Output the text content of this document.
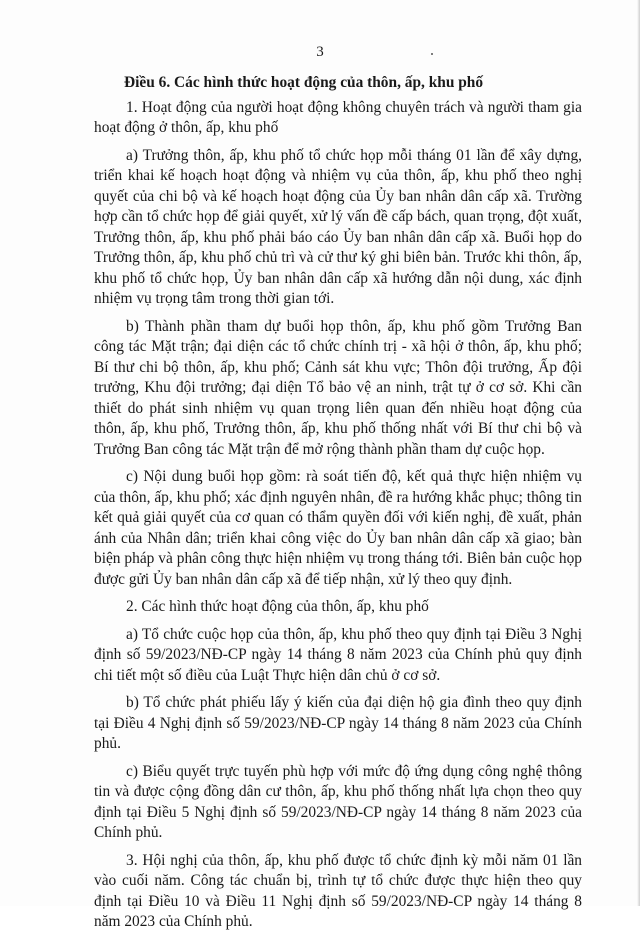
3

Điều 6. Các hình thức hoạt động của thôn, ấp, khu phố

1. Hoạt động của người hoạt động không chuyên trách và người tham gia hoạt động ở thôn, ấp, khu phố

a) Trưởng thôn, ấp, khu phố tổ chức họp mỗi tháng 01 lần để xây dựng, triển khai kế hoạch hoạt động và nhiệm vụ của thôn, ấp, khu phố theo nghị quyết của chi bộ và kế hoạch hoạt động của Ủy ban nhân dân cấp xã. Trường hợp cần tổ chức họp để giải quyết, xử lý vấn đề cấp bách, quan trọng, đột xuất, Trưởng thôn, ấp, khu phố phải báo cáo Ủy ban nhân dân cấp xã. Buổi họp do Trưởng thôn, ấp, khu phố chủ trì và cử thư ký ghi biên bản. Trước khi thôn, ấp, khu phố tổ chức họp, Ủy ban nhân dân cấp xã hướng dẫn nội dung, xác định nhiệm vụ trọng tâm trong thời gian tới.

b) Thành phần tham dự buổi họp thôn, ấp, khu phố gồm Trưởng Ban công tác Mặt trận; đại diện các tổ chức chính trị - xã hội ở thôn, ấp, khu phố; Bí thư chi bộ thôn, ấp, khu phố; Cảnh sát khu vực; Thôn đội trưởng, Ấp đội trưởng, Khu đội trưởng; đại diện Tổ bảo vệ an ninh, trật tự ở cơ sở. Khi cần thiết do phát sinh nhiệm vụ quan trọng liên quan đến nhiều hoạt động của thôn, ấp, khu phố, Trưởng thôn, ấp, khu phố thống nhất với Bí thư chi bộ và Trưởng Ban công tác Mặt trận để mở rộng thành phần tham dự cuộc họp.

c) Nội dung buổi họp gồm: rà soát tiến độ, kết quả thực hiện nhiệm vụ của thôn, ấp, khu phố; xác định nguyên nhân, đề ra hướng khắc phục; thông tin kết quả giải quyết của cơ quan có thẩm quyền đối với kiến nghị, đề xuất, phản ánh của Nhân dân; triển khai công việc do Ủy ban nhân dân cấp xã giao; bàn biện pháp và phân công thực hiện nhiệm vụ trong tháng tới. Biên bản cuộc họp được gửi Ủy ban nhân dân cấp xã để tiếp nhận, xử lý theo quy định.

2. Các hình thức hoạt động của thôn, ấp, khu phố

a) Tổ chức cuộc họp của thôn, ấp, khu phố theo quy định tại Điều 3 Nghị định số 59/2023/NĐ-CP ngày 14 tháng 8 năm 2023 của Chính phủ quy định chi tiết một số điều của Luật Thực hiện dân chủ ở cơ sở.

b) Tổ chức phát phiếu lấy ý kiến của đại diện hộ gia đình theo quy định tại Điều 4 Nghị định số 59/2023/NĐ-CP ngày 14 tháng 8 năm 2023 của Chính phủ.

c) Biểu quyết trực tuyến phù hợp với mức độ ứng dụng công nghệ thông tin và được cộng đồng dân cư thôn, ấp, khu phố thống nhất lựa chọn theo quy định tại Điều 5 Nghị định số 59/2023/NĐ-CP ngày 14 tháng 8 năm 2023 của Chính phủ.

3. Hội nghị của thôn, ấp, khu phố được tổ chức định kỳ mỗi năm 01 lần vào cuối năm. Công tác chuẩn bị, trình tự tổ chức được thực hiện theo quy định tại Điều 10 và Điều 11 Nghị định số 59/2023/NĐ-CP ngày 14 tháng 8 năm 2023 của Chính phủ.
